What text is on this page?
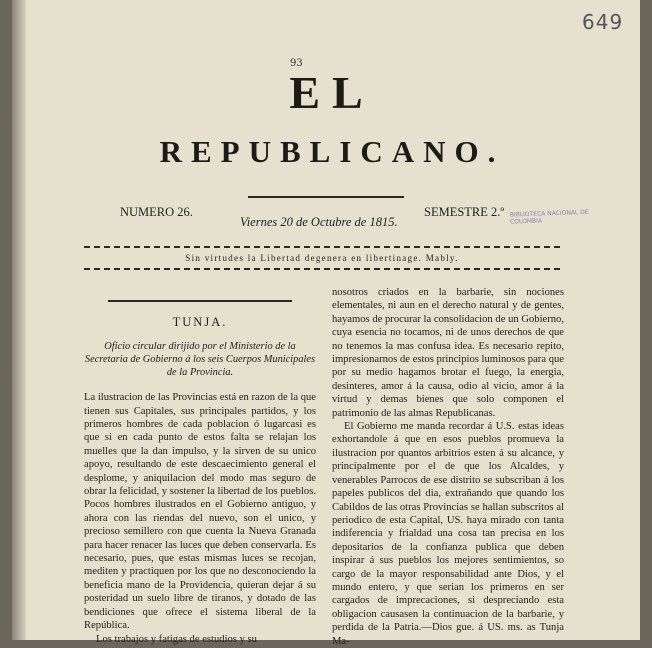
649
93
EL
REPUBLICANO.
NUMERO 26.
Viernes 20 de Octubre de 1815.
SEMESTRE 2.º BIBLIOTECA NACIONAL DE COLOMBIA
Sin virtudes la Libertad degenera en libertinage. Mably.
TUNJA.
Oficio circular dirijido por el Ministerio de la Secretaria de Gobierno á los seis Cuerpos Municipales de la Provincia.

La ilustracion de las Provincias está en razon de la que tienen sus Capitales, sus principales partidos, y los primeros hombres de cada poblacion ó lugarcasi es que si en cada punto de estos falta se relajan los muelles que la dan impulso, y la sirven de su unico apoyo, resultando de este descaecimiento general el desplome, y aniquilacion del modo mas seguro de obrar la felicidad, y sostener la libertad de los pueblos. Pocos hombres ilustrados en el Gobierno antiguo, y ahora con las riendas del nuevo, son el unico, y precioso semillero con que cuenta la Nueva Granada para hacer renacer las luces que deben conservarla. Es necesario, pues, que estas mismas luces se recojan, mediten y practiquen por los que no desconociendo la beneficia mano de la Providencia, quieran dejar á su posteridad un suelo libre de tiranos, y dotado de las bendiciones que ofrece el sistema liberal de la República.

Los trabajos y fatigas de estudios y su

nosotros criados en la barbarie, sin nociones elementales, ni aun en el derecho natural y de gentes, hayamos de procurar la consolidacion de un Gobierno, cuya esencia no tocamos, ni de unos derechos de que no tenemos la mas confusa idea. Es necesario repito, impresionarnos de estos principios luminosos para que por su medio hagamos brotar el fuego, la energia, desinteres, amor á la causa, odio al vicio, amor á la virtud y demas bienes que solo componen el patrimonio de las almas Republicanas.

El Gobierno me manda recordar á U.S. estas ideas exhortandole á que en esos pueblos promueva la ilustracion por quantos arbitrios esten á su alcance, y principalmente por el de que los Alcaldes, y venerables Parrocos de ese distrito se subscriban á los papeles publicos del dia, extrañando que quando los Cabildos de las otras Provincias se hallan subscritos al periodico de esta Capital, US. haya mirado con tanta indiferencia y frialdad una cosa tan precisa en los depositarios de la confianza publica que deben inspirar á sus pueblos los mejores sentimientos, so cargo de la mayor responsabilidad ante Dios, y el mundo entero, y que serian los primeros en ser cargados de imprecaciones, si despreciando esta obligacion causasen la continuacion de la barbarie, y perdida de la Patria.—Dios gue. á US. ms. as Tunja Ma-
